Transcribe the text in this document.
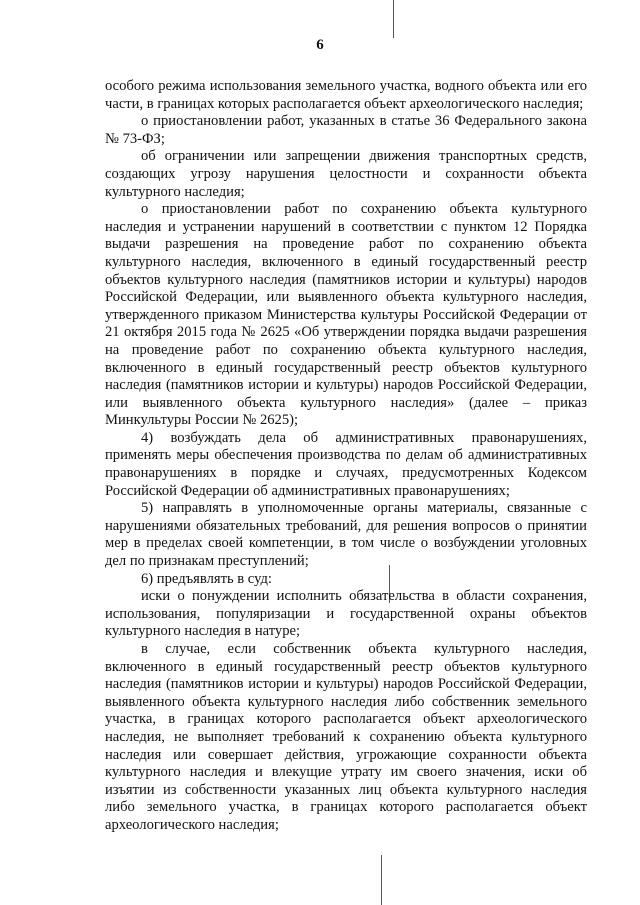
6

особого режима использования земельного участка, водного объекта или его части, в границах которых располагается объект археологического наследия;

о приостановлении работ, указанных в статье 36 Федерального закона № 73-ФЗ;

об ограничении или запрещении движения транспортных средств, создающих угрозу нарушения целостности и сохранности объекта культурного наследия;

о приостановлении работ по сохранению объекта культурного наследия и устранении нарушений в соответствии с пунктом 12 Порядка выдачи разрешения на проведение работ по сохранению объекта культурного наследия, включенного в единый государственный реестр объектов культурного наследия (памятников истории и культуры) народов Российской Федерации, или выявленного объекта культурного наследия, утвержденного приказом Министерства культуры Российской Федерации от 21 октября 2015 года № 2625 «Об утверждении порядка выдачи разрешения на проведение работ по сохранению объекта культурного наследия, включенного в единый государственный реестр объектов культурного наследия (памятников истории и культуры) народов Российской Федерации, или выявленного объекта культурного наследия» (далее – приказ Минкультуры России № 2625);

4) возбуждать дела об административных правонарушениях, применять меры обеспечения производства по делам об административных правонарушениях в порядке и случаях, предусмотренных Кодексом Российской Федерации об административных правонарушениях;

5) направлять в уполномоченные органы материалы, связанные с нарушениями обязательных требований, для решения вопросов о принятии мер в пределах своей компетенции, в том числе о возбуждении уголовных дел по признакам преступлений;

6) предъявлять в суд:

иски о понуждении исполнить обязательства в области сохранения, использования, популяризации и государственной охраны объектов культурного наследия в натуре;

в случае, если собственник объекта культурного наследия, включенного в единый государственный реестр объектов культурного наследия (памятников истории и культуры) народов Российской Федерации, выявленного объекта культурного наследия либо собственник земельного участка, в границах которого располагается объект археологического наследия, не выполняет требований к сохранению объекта культурного наследия или совершает действия, угрожающие сохранности объекта культурного наследия и влекущие утрату им своего значения, иски об изъятии из собственности указанных лиц объекта культурного наследия либо земельного участка, в границах которого располагается объект археологического наследия;
